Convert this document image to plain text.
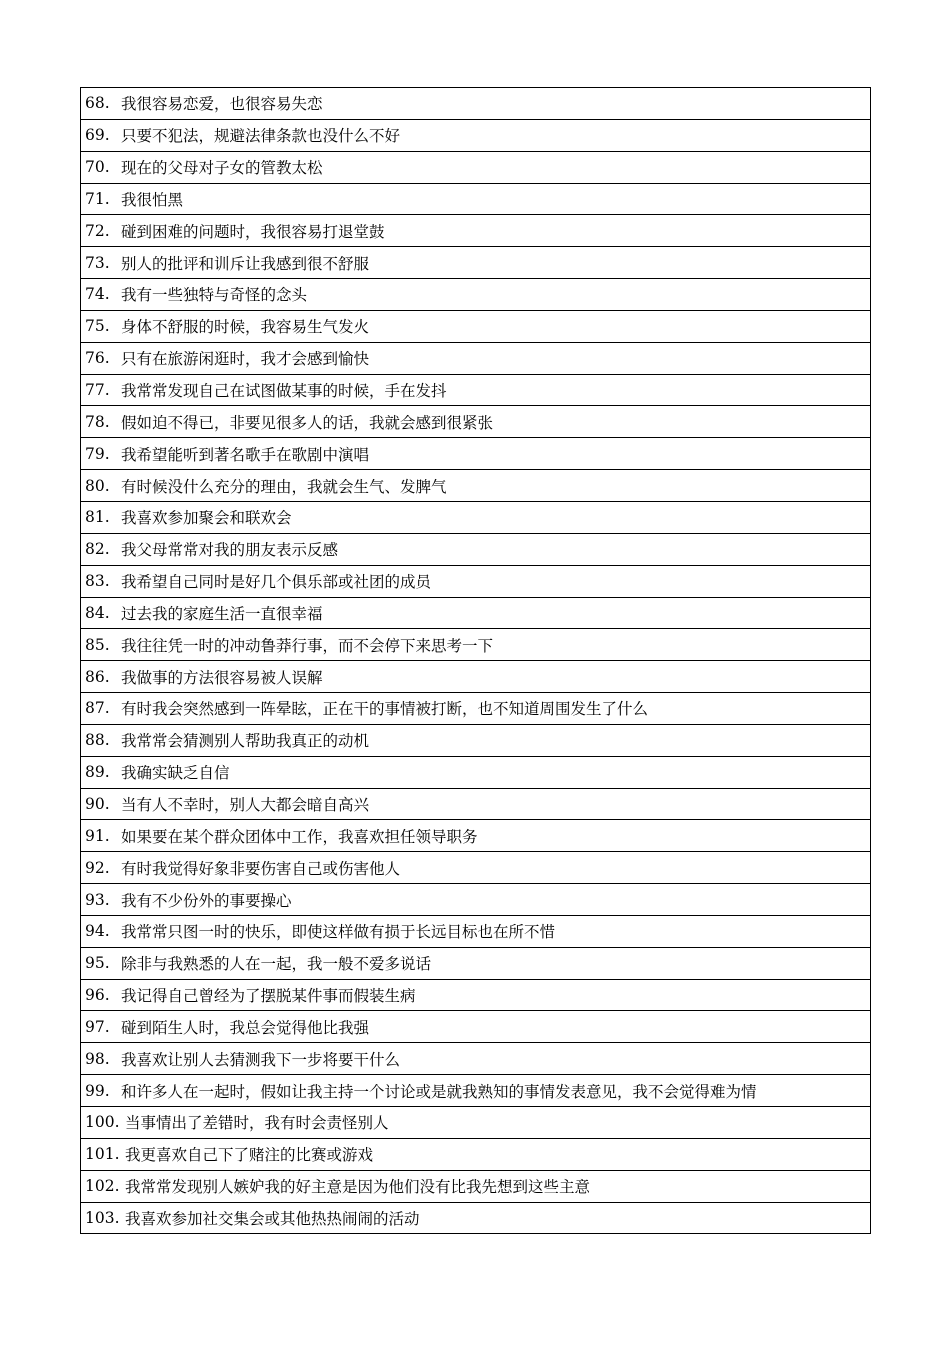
68. 我很容易恋爱，也很容易失恋
69. 只要不犯法，规避法律条款也没什么不好
70. 现在的父母对子女的管教太松
71. 我很怕黑
72. 碰到困难的问题时，我很容易打退堂鼓
73. 别人的批评和训斥让我感到很不舒服
74. 我有一些独特与奇怪的念头
75. 身体不舒服的时候，我容易生气发火
76. 只有在旅游闲逛时，我才会感到愉快
77. 我常常发现自己在试图做某事的时候，手在发抖
78. 假如迫不得已，非要见很多人的话，我就会感到很紧张
79. 我希望能听到著名歌手在歌剧中演唱
80. 有时候没什么充分的理由，我就会生气、发脾气
81. 我喜欢参加聚会和联欢会
82. 我父母常常对我的朋友表示反感
83. 我希望自己同时是好几个俱乐部或社团的成员
84. 过去我的家庭生活一直很幸福
85. 我往往凭一时的冲动鲁莽行事，而不会停下来思考一下
86. 我做事的方法很容易被人误解
87. 有时我会突然感到一阵晕眩，正在干的事情被打断，也不知道周围发生了什么
88. 我常常会猜测别人帮助我真正的动机
89. 我确实缺乏自信
90. 当有人不幸时，别人大都会暗自高兴
91. 如果要在某个群众团体中工作，我喜欢担任领导职务
92. 有时我觉得好象非要伤害自己或伤害他人
93. 我有不少份外的事要操心
94. 我常常只图一时的快乐，即使这样做有损于长远目标也在所不惜
95. 除非与我熟悉的人在一起，我一般不爱多说话
96. 我记得自己曾经为了摆脱某件事而假装生病
97. 碰到陌生人时，我总会觉得他比我强
98. 我喜欢让别人去猜测我下一步将要干什么
99. 和许多人在一起时，假如让我主持一个讨论或是就我熟知的事情发表意见，我不会觉得难为情
100. 当事情出了差错时，我有时会责怪别人
101. 我更喜欢自己下了赌注的比赛或游戏
102. 我常常发现别人嫉妒我的好主意是因为他们没有比我先想到这些主意
103. 我喜欢参加社交集会或其他热热闹闹的活动
